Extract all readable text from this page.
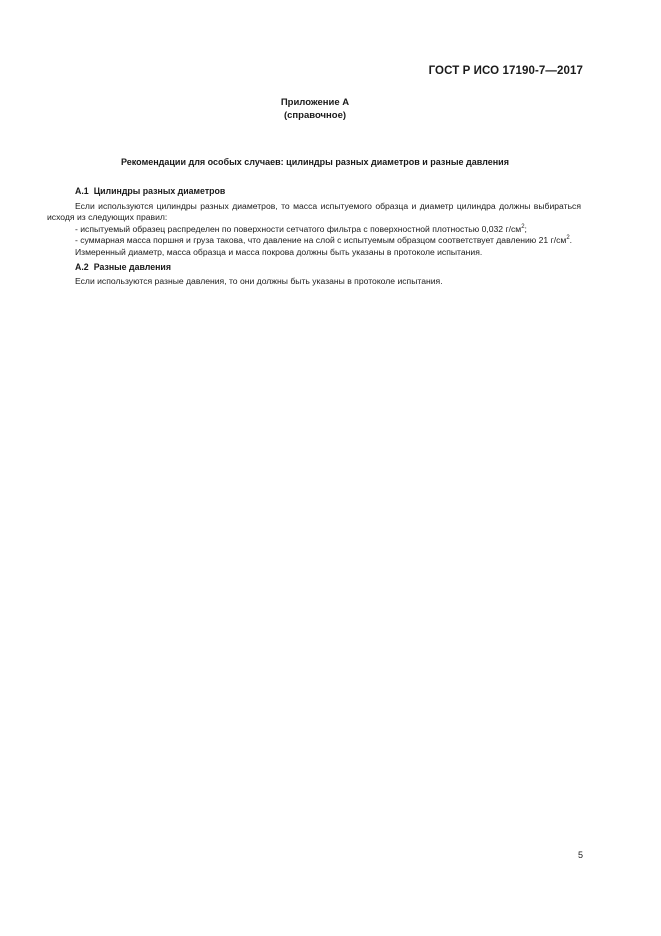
ГОСТ Р ИСО 17190-7—2017
Приложение А
(справочное)
Рекомендации для особых случаев: цилиндры разных диаметров и разные давления
А.1 Цилиндры разных диаметров

Если используются цилиндры разных диаметров, то масса испытуемого образца и диаметр цилиндра должны выбираться исходя из следующих правил:

- испытуемый образец распределен по поверхности сетчатого фильтра с поверхностной плотностью 0,032 $г/см^2$;

- суммарная масса поршня и груза такова, что давление на слой с испытуемым образцом соответствует давлению 21 $г/см^2$.

Измеренный диаметр, масса образца и масса покрова должны быть указаны в протоколе испытания.

А.2 Разные давления

Если используются разные давления, то они должны быть указаны в протоколе испытания.

5
